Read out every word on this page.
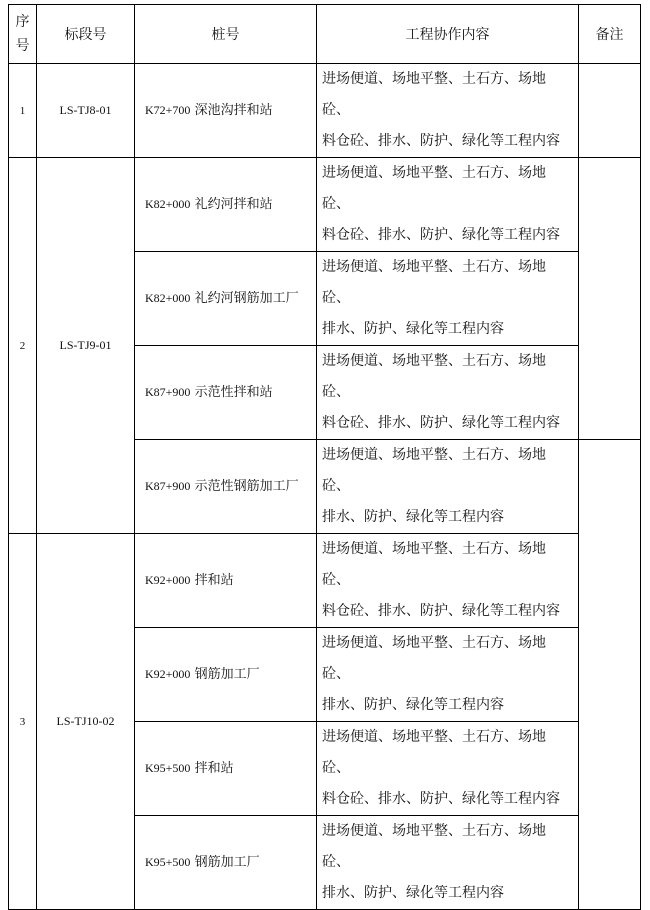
序
号	标段号	桩号	工程协作内容	备注
1	LS-TJ8-01	K72+700 深池沟拌和站	进场便道、场地平整、土石方、场地砼、
料仓砼、排水、防护、绿化等工程内容	
2	LS-TJ9-01	K82+000 礼约河拌和站	进场便道、场地平整、土石方、场地砼、
料仓砼、排水、防护、绿化等工程内容	
		K82+000 礼约河钢筋加工厂	进场便道、场地平整、土石方、场地砼、
排水、防护、绿化等工程内容	
		K87+900 示范性拌和站	进场便道、场地平整、土石方、场地砼、
料仓砼、排水、防护、绿化等工程内容	
		K87+900 示范性钢筋加工厂	进场便道、场地平整、土石方、场地砼、
排水、防护、绿化等工程内容	
3	LS-TJ10-02	K92+000 拌和站	进场便道、场地平整、土石方、场地砼、
料仓砼、排水、防护、绿化等工程内容	
		K92+000 钢筋加工厂	进场便道、场地平整、土石方、场地砼、
排水、防护、绿化等工程内容	
		K95+500 拌和站	进场便道、场地平整、土石方、场地砼、
料仓砼、排水、防护、绿化等工程内容	
		K95+500 钢筋加工厂	进场便道、场地平整、土石方、场地砼、
排水、防护、绿化等工程内容	
